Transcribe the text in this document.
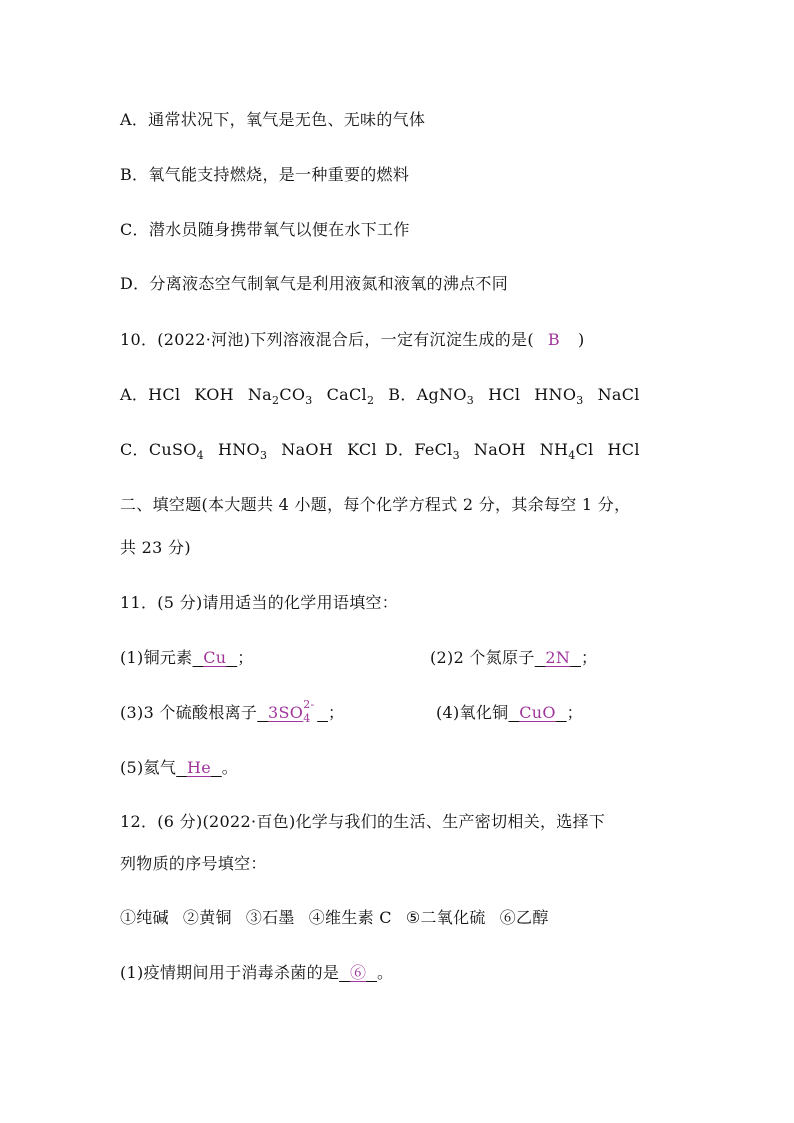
A．通常状况下，氧气是无色、无味的气体
B．氧气能支持燃烧，是一种重要的燃料
C．潜水员随身携带氧气以便在水下工作
D．分离液态空气制氧气是利用液氮和液氧的沸点不同
10．(2022·河池)下列溶液混合后，一定有沉淀生成的是( B )
A．HCl KOH $Na_2CO_3$ CaCl$_2$ B．AgNO$_3$ HCl $HNO_3$ NaCl
C．CuSO$_4$ $HNO_3$ NaOH KCl D．FeCl$_3$ NaOH $NH_4Cl$ HCl
二、填空题(本大题共 4 小题，每个化学方程式 2 分，其余每空 1 分，
共 23 分)
11．(5 分)请用适当的化学用语填空：
(1)铜元素 Cu ；	(2)2 个氮原子 2N ；
(3)3 个硫酸根离子 3SO 2-
4 ；	(4)氧化铜 CuO ；
(5)氦气 He 。
12．(6 分)(2022·百色)化学与我们的生活、生产密切相关，选择下
列物质的序号填空：
①纯碱 ②黄铜 ③石墨 ④维生素 C ⑤二氧化硫 ⑥乙醇
(1)疫情期间用于消毒杀菌的是 ⑥ 。
